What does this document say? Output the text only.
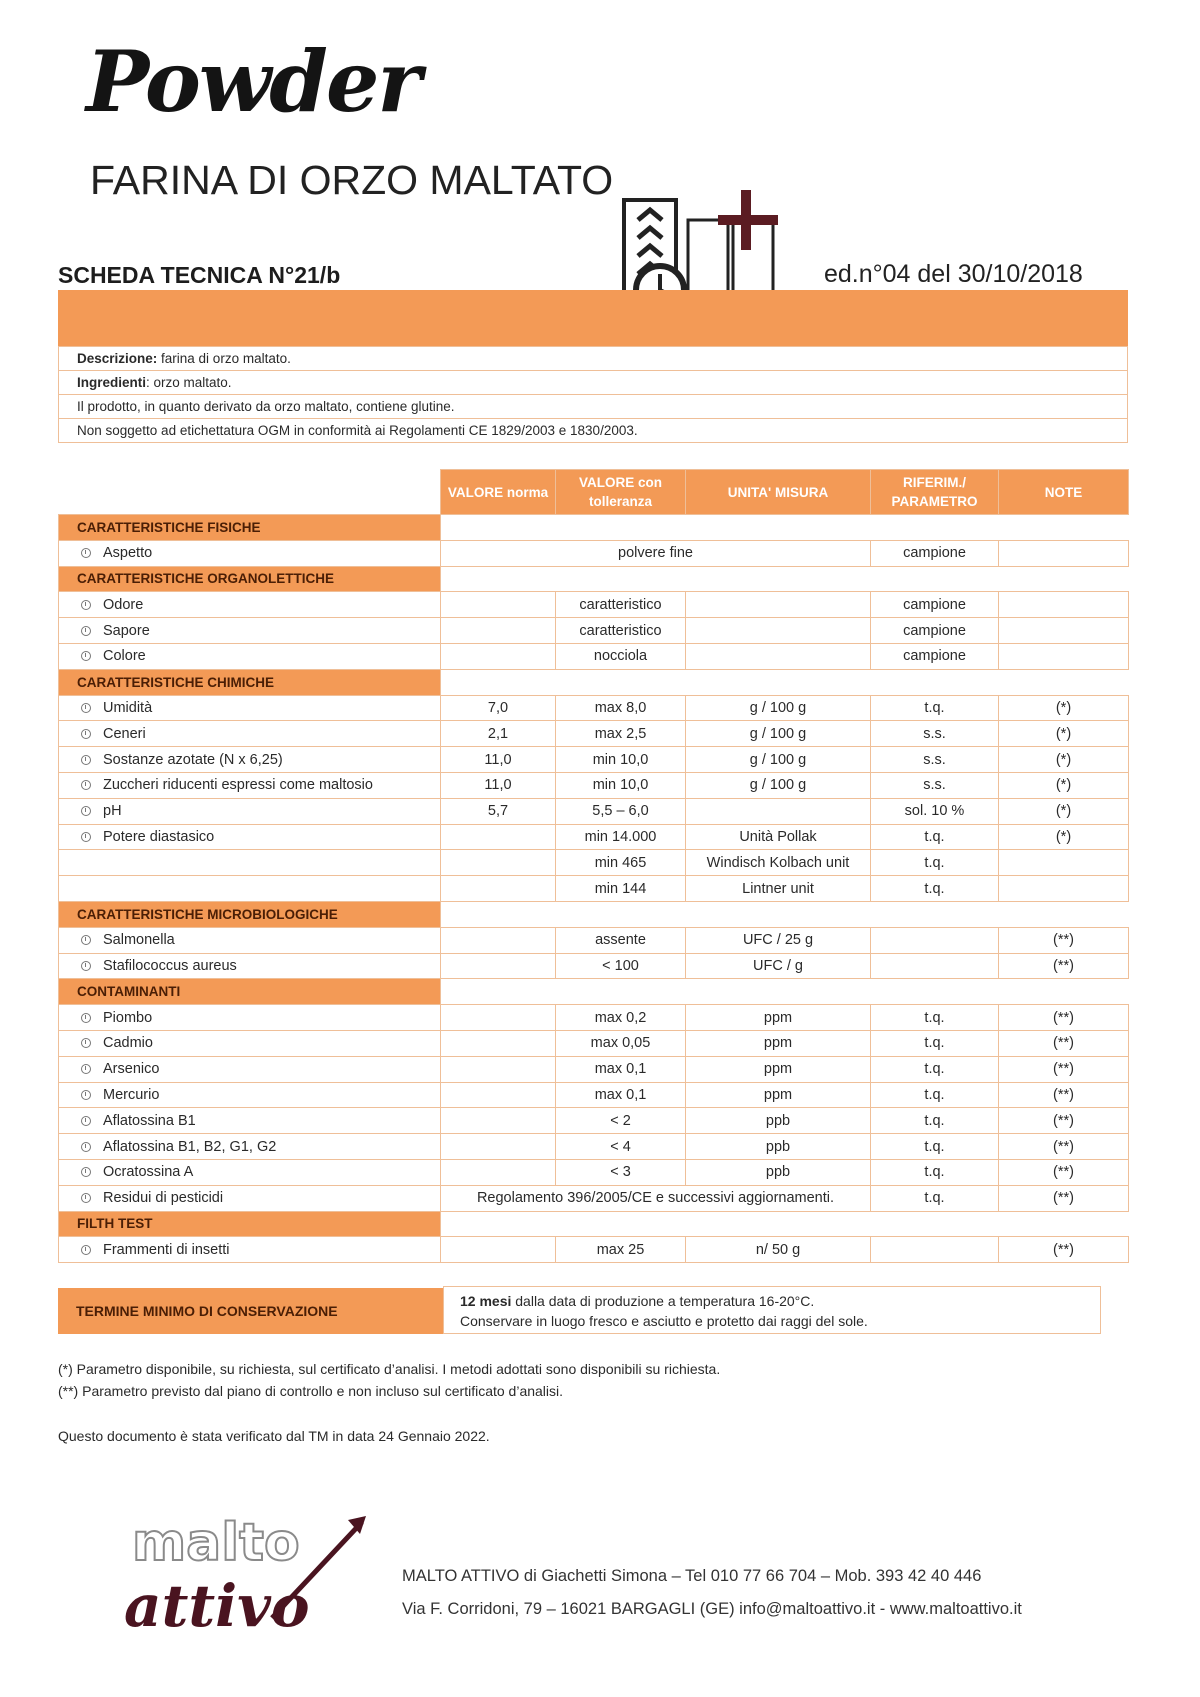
Powder
FARINA DI ORZO MALTATO
SCHEDA TECNICA N°21/b	ed.n°04 del 30/10/2018
Descrizione: farina di orzo maltato.
Ingredienti: orzo maltato.
Il prodotto, in quanto derivato da orzo maltato, contiene glutine.
Non soggetto ad etichettatura OGM in conformità ai Regolamenti CE 1829/2003 e 1830/2003.
	VALORE norma	VALORE con tolleranza	UNITA' MISURA	RIFERIM./ PARAMETRO	NOTE
CARATTERISTICHE FISICHE					
Aspetto	polvere fine			campione	
CARATTERISTICHE ORGANOLETTICHE					
Odore		caratteristico		campione	
Sapore		caratteristico		campione	
Colore		nocciola		campione	
CARATTERISTICHE CHIMICHE					
Umidità	7,0	max 8,0	g / 100 g	t.q.	(*)
Ceneri	2,1	max 2,5	g / 100 g	s.s.	(*)
Sostanze azotate (N x 6,25)	11,0	min 10,0	g / 100 g	s.s.	(*)
Zuccheri riducenti espressi come maltosio	11,0	min 10,0	g / 100 g	s.s.	(*)
pH	5,7	5,5 – 6,0		sol. 10 %	(*)
Potere diastasico		min 14.000	Unità Pollak	t.q.	(*)
		min 465	Windisch Kolbach unit	t.q.	
		min 144	Lintner unit	t.q.	
CARATTERISTICHE MICROBIOLOGICHE					
Salmonella		assente	UFC / 25 g		(**)
Stafilococcus aureus		< 100	UFC / g		(**)
CONTAMINANTI					
Piombo		max 0,2	ppm	t.q.	(**)
Cadmio		max 0,05	ppm	t.q.	(**)
Arsenico		max 0,1	ppm	t.q.	(**)
Mercurio		max 0,1	ppm	t.q.	(**)
Aflatossina B1		< 2	ppb	t.q.	(**)
Aflatossina B1, B2, G1, G2		< 4	ppb	t.q.	(**)
Ocratossina A		< 3	ppb	t.q.	(**)
Residui di pesticidi	Regolamento 396/2005/CE e successivi aggiornamenti.			t.q.	(**)
FILTH TEST					
Frammenti di insetti		max 25	n/ 50 g		(**)
TERMINE MINIMO DI CONSERVAZIONE
12 mesi dalla data di produzione a temperatura 16-20°C.
Conservare in luogo fresco e asciutto e protetto dai raggi del sole.
(*) Parametro disponibile, su richiesta, sul certificato d’analisi. I metodi adottati sono disponibili su richiesta.
(**) Parametro previsto dal piano di controllo e non incluso sul certificato d’analisi.
Questo documento è stata verificato dal TM in data 24 Gennaio 2022.
malto
attivo	MALTO ATTIVO di Giachetti Simona – Tel 010 77 66 704 – Mob. 393 42 40 446
Via F. Corridoni, 79 – 16021 BARGAGLI (GE) info@maltoattivo.it - www.maltoattivo.it
